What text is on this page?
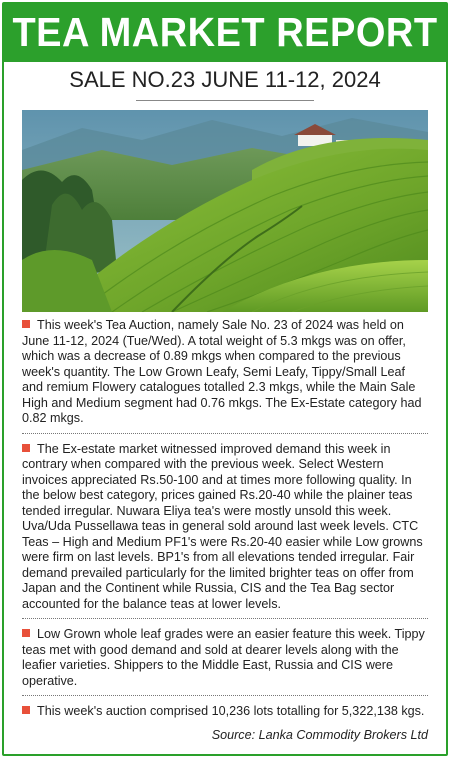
TEA MARKET REPORT
SALE NO.23 JUNE 11-12, 2024

This week's Tea Auction, namely Sale No. 23 of 2024 was held on June 11-12, 2024 (Tue/Wed). A total weight of 5.3 mkgs was on offer, which was a decrease of 0.89 mkgs when compared to the previous week's quantity. The Low Grown Leafy, Semi Leafy, Tippy/Small Leaf and remium Flowery catalogues totalled 2.3 mkgs, while the Main Sale High and Medium segment had 0.76 mkgs. The Ex-Estate category had 0.82 mkgs.

The Ex-estate market witnessed improved demand this week in contrary when compared with the previous week. Select Western invoices appreciated Rs.50-100 and at times more following quality. In the below best category, prices gained Rs.20-40 while the plainer teas tended irregular. Nuwara Eliya tea's were mostly unsold this week. Uva/Uda Pussellawa teas in general sold around last week levels. CTC Teas – High and Medium PF1's were Rs.20-40 easier while Low growns were firm on last levels. BP1's from all elevations tended irregular. Fair demand prevailed particularly for the limited brighter teas on offer from Japan and the Continent while Russia, CIS and the Tea Bag sector accounted for the balance teas at lower levels.

Low Grown whole leaf grades were an easier feature this week. Tippy teas met with good demand and sold at dearer levels along with the leafier varieties. Shippers to the Middle East, Russia and CIS were operative.

This week's auction comprised 10,236 lots totalling for 5,322,138 kgs.

Source: Lanka Commodity Brokers Ltd
